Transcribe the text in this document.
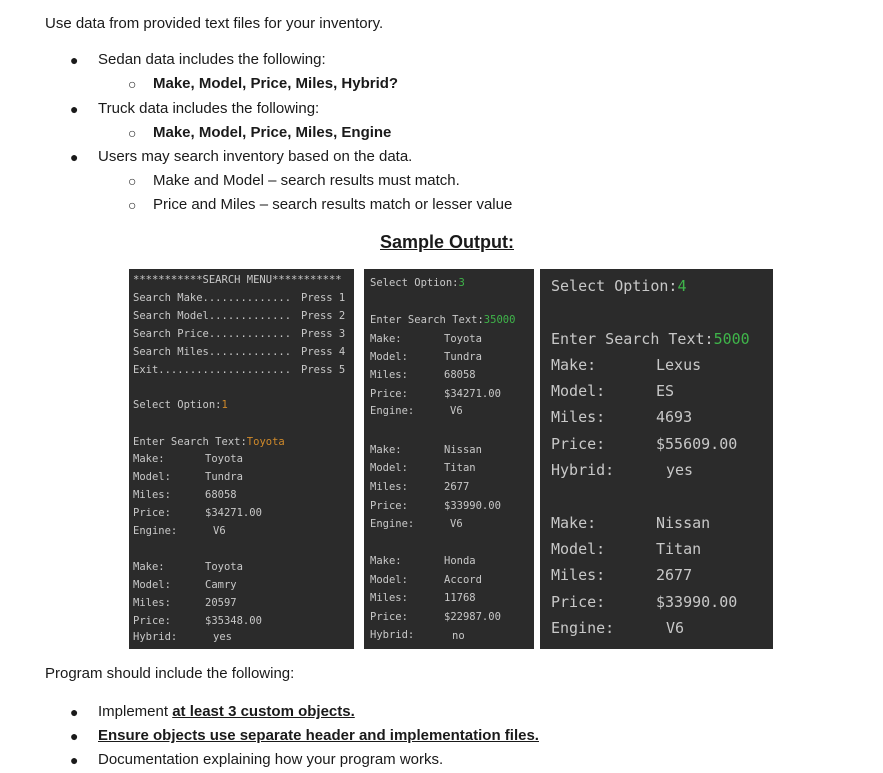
Use data from provided text files for your inventory.
● Sedan data includes the following:
○ Make, Model, Price, Miles, Hybrid?
● Truck data includes the following:
○ Make, Model, Price, Miles, Engine
● Users may search inventory based on the data.
○ Make and Model – search results must match.
○ Price and Miles – search results match or lesser value
Sample Output:
***********SEARCH MENU***********
Search Make.............. Press 1
Search Model............. Press 2
Search Price............. Press 3
Search Miles............. Press 4
Exit..................... Press 5
Select Option:1
Enter Search Text:Toyota
Make:	Toyota
Model:	Tundra
Miles:	68058
Price:	$34271.00
Engine:	V6
Make:	Toyota
Model:	Camry
Miles:	20597
Price:	$35348.00
Hybrid:	yes
Select Option:3
Enter Search Text:35000
Make:	Toyota
Model:	Tundra
Miles:	68058
Price:	$34271.00
Engine:	V6
Make:	Nissan
Model:	Titan
Miles:	2677
Price:	$33990.00
Engine:	V6
Make:	Honda
Model:	Accord
Miles:	11768
Price:	$22987.00
Hybrid:	no
Select Option:4
Enter Search Text:5000
Make:	Lexus
Model:	ES
Miles:	4693
Price:	$55609.00
Hybrid:	yes
Make:	Nissan
Model:	Titan
Miles:	2677
Price:	$33990.00
Engine:	V6
Program should include the following:
● Implement at least 3 custom objects.
● Ensure objects use separate header and implementation files.
● Documentation explaining how your program works.
